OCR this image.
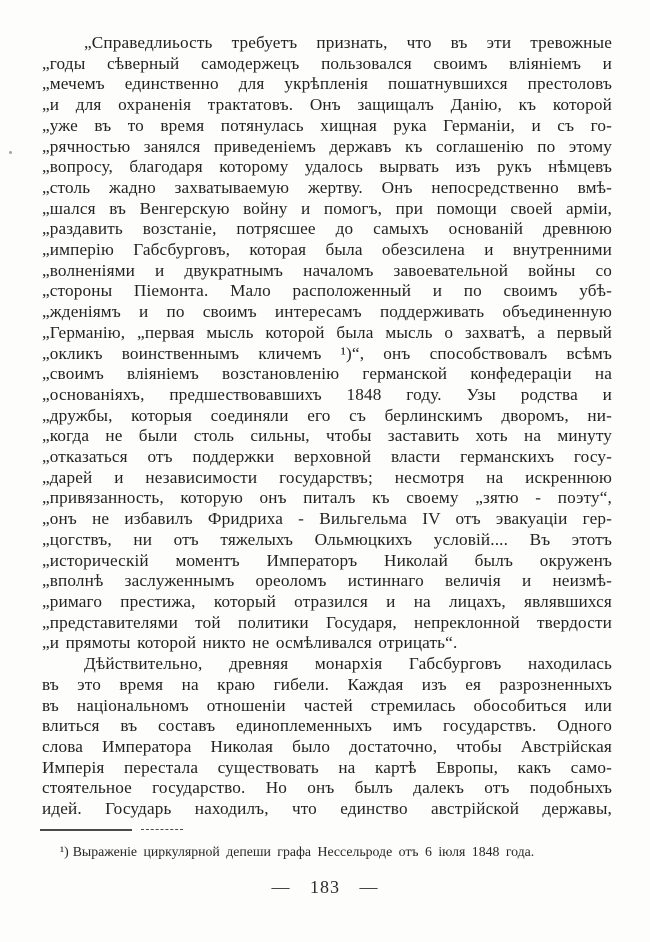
„Справедлиьость требуетъ признать, что въ эти тревожные
„годы сѣверный самодержецъ пользовался своимъ вліяніемъ и
„мечемъ единственно для укрѣпленія пошатнувшихся престоловъ
„и для охраненія трактатовъ. Онъ защищалъ Данію, къ которой
„уже въ то время потянулась хищная рука Германіи, и съ го-
„рячностью занялся приведеніемъ державъ къ соглашенію по этому
„вопросу, благодаря которому удалось вырвать изъ рукъ нѣмцевъ
„столь жадно захватываемую жертву. Онъ непосредственно вмѣ-
„шался въ Венгерскую войну и помогъ, при помощи своей арміи,
„раздавить возстаніе, потрясшее до самыхъ основаній древнюю
„имперію Габсбурговъ, которая была обезсилена и внутренними
„волненіями и двукратнымъ началомъ завоевательной войны со
„стороны Піемонта. Мало расположенный и по своимъ убѣ-
„жденіямъ и по своимъ интересамъ поддерживать объединенную
„Германію, „первая мысль которой была мысль о захватѣ, а первый
„окликъ воинственнымъ кличемъ ¹)“, онъ способствовалъ всѣмъ
„своимъ вліяніемъ возстановленію германской конфедераціи на
„основаніяхъ, предшествовавшихъ 1848 году. Узы родства и
„дружбы, которыя соединяли его съ берлинскимъ дворомъ, ни-
„когда не были столь сильны, чтобы заставить хоть на минуту
„отказаться отъ поддержки верховной власти германскихъ госу-
„дарей и независимости государствъ; несмотря на искреннюю
„привязанность, которую онъ питалъ къ своему „зятю - поэту“,
„онъ не избавилъ Фридриха - Вильгельма IV отъ эвакуаціи гер-
„цогствъ, ни отъ тяжелыхъ Ольмюцкихъ условій.... Въ этотъ
„историческій моментъ Императоръ Николай былъ окруженъ
„вполнѣ заслуженнымъ ореоломъ истиннаго величія и неизмѣ-
„римаго престижа, который отразился и на лицахъ, являвшихся
„представителями той политики Государя, непреклонной твердости
„и прямоты которой никто не осмѣливался отрицать“.
Дѣйствительно, древняя монархія Габсбурговъ находилась
въ это время на краю гибели. Каждая изъ ея разрозненныхъ
въ національномъ отношеніи частей стремилась обособиться или
влиться въ составъ единоплеменныхъ имъ государствъ. Одного
слова Императора Николая было достаточно, чтобы Австрійская
Имперія перестала существовать на картѣ Европы, какъ само-
стоятельное государство. Но онъ былъ далекъ отъ подобныхъ
идей. Государь находилъ, что единство австрійской державы,
¹) Выраженіе циркулярной депеши графа Нессельроде отъ 6 іюля 1848 года.
— 183 —
